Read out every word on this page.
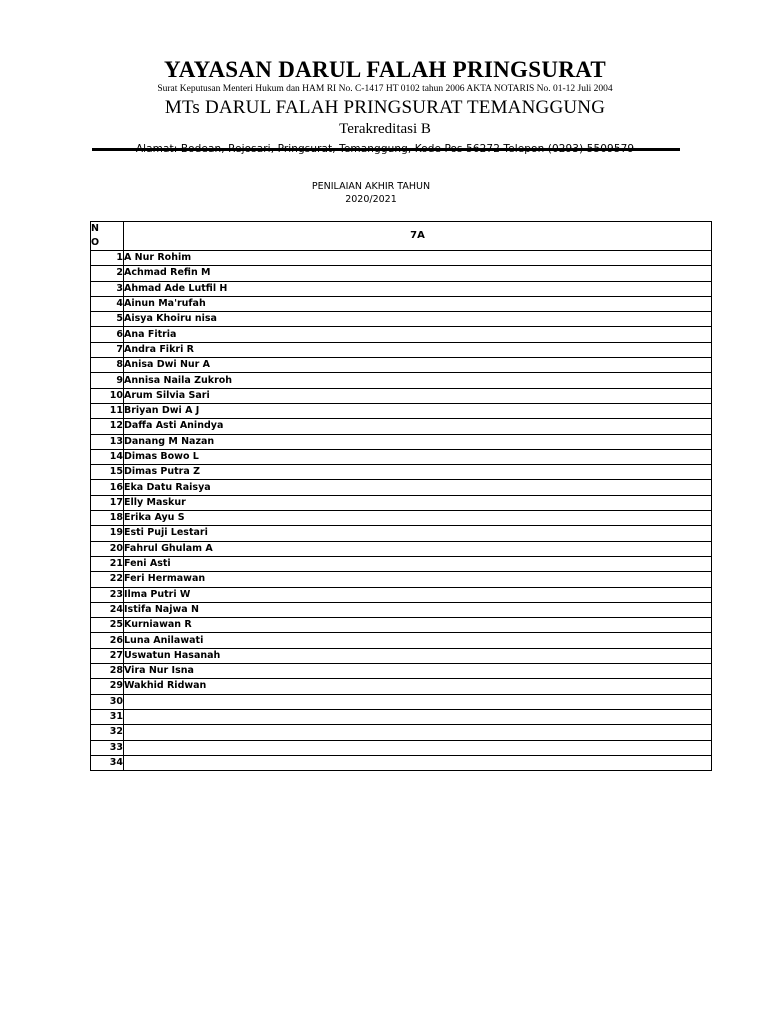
YAYASAN DARUL FALAH PRINGSURAT
Surat Keputusan Menteri Hukum dan HAM RI No. C-1417 HT 0102 tahun 2006 AKTA NOTARIS No. 01-12 Juli 2004
MTs DARUL FALAH PRINGSURAT TEMANGGUNG
Terakreditasi B
PENILAIAN AKHIR TAHUN
2020/2021
N
O	7A
1	A Nur Rohim
2	Achmad Refin M
3	Ahmad Ade Lutfil H
4	Ainun Ma'rufah
5	Aisya Khoiru nisa
6	Ana Fitria
7	Andra Fikri R
8	Anisa Dwi Nur A
9	Annisa Naila Zukroh
10	Arum Silvia Sari
11	Briyan Dwi A J
12	Daffa Asti Anindya
13	Danang M Nazan
14	Dimas Bowo L
15	Dimas Putra Z
16	Eka Datu Raisya
17	Elly Maskur
18	Erika Ayu S
19	Esti Puji Lestari
20	Fahrul Ghulam A
21	Feni Asti
22	Feri Hermawan
23	Ilma Putri W
24	Istifa Najwa N
25	Kurniawan R
26	Luna Anilawati
27	Uswatun Hasanah
28	Vira Nur Isna
29	Wakhid Ridwan
30	
31	
32	
33	
34	
